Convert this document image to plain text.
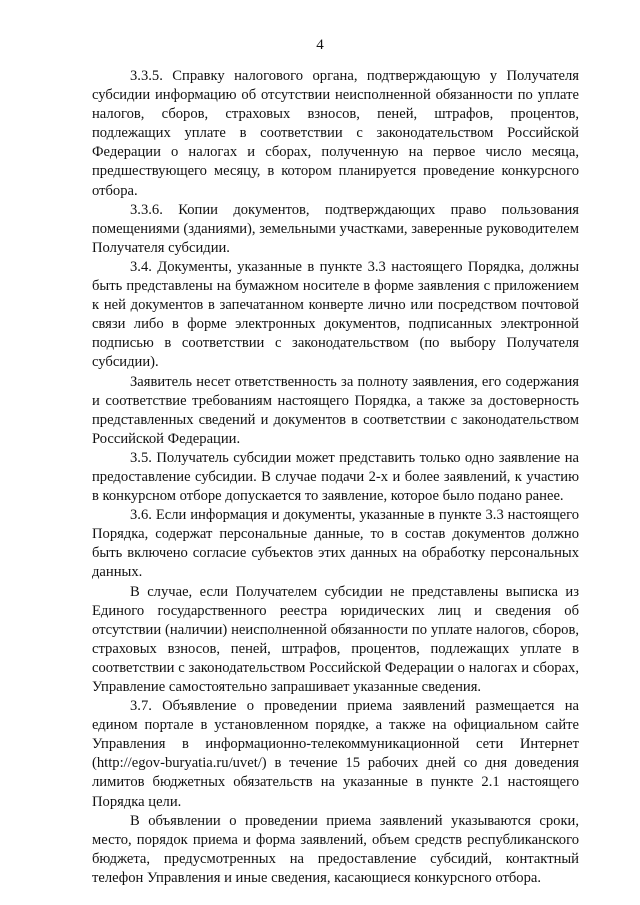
4

3.3.5. Справку налогового органа, подтверждающую у Получателя субсидии информацию об отсутствии неисполненной обязанности по уплате налогов, сборов, страховых взносов, пеней, штрафов, процентов, подлежащих уплате в соответствии с законодательством Российской Федерации о налогах и сборах, полученную на первое число месяца, предшествующего месяцу, в котором планируется проведение конкурсного отбора.

3.3.6. Копии документов, подтверждающих право пользования помещениями (зданиями), земельными участками, заверенные руководителем Получателя субсидии.

3.4. Документы, указанные в пункте 3.3 настоящего Порядка, должны быть представлены на бумажном носителе в форме заявления с приложением к ней документов в запечатанном конверте лично или посредством почтовой связи либо в форме электронных документов, подписанных электронной подписью в соответствии с законодательством (по выбору Получателя субсидии).

Заявитель несет ответственность за полноту заявления, его содержания и соответствие требованиям настоящего Порядка, а также за достоверность представленных сведений и документов в соответствии с законодательством Российской Федерации.

3.5. Получатель субсидии может представить только одно заявление на предоставление субсидии. В случае подачи 2-х и более заявлений, к участию в конкурсном отборе допускается то заявление, которое было подано ранее.

3.6. Если информация и документы, указанные в пункте 3.3 настоящего Порядка, содержат персональные данные, то в состав документов должно быть включено согласие субъектов этих данных на обработку персональных данных.

В случае, если Получателем субсидии не представлены выписка из Единого государственного реестра юридических лиц и сведения об отсутствии (наличии) неисполненной обязанности по уплате налогов, сборов, страховых взносов, пеней, штрафов, процентов, подлежащих уплате в соответствии с законодательством Российской Федерации о налогах и сборах, Управление самостоятельно запрашивает указанные сведения.

3.7. Объявление о проведении приема заявлений размещается на едином портале в установленном порядке, а также на официальном сайте Управления в информационно-телекоммуникационной сети Интернет (http://egov-buryatia.ru/uvet/) в течение 15 рабочих дней со дня доведения лимитов бюджетных обязательств на указанные в пункте 2.1 настоящего Порядка цели.

В объявлении о проведении приема заявлений указываются сроки, место, порядок приема и форма заявлений, объем средств республиканского бюджета, предусмотренных на предоставление субсидий, контактный телефон Управления и иные сведения, касающиеся конкурсного отбора.
